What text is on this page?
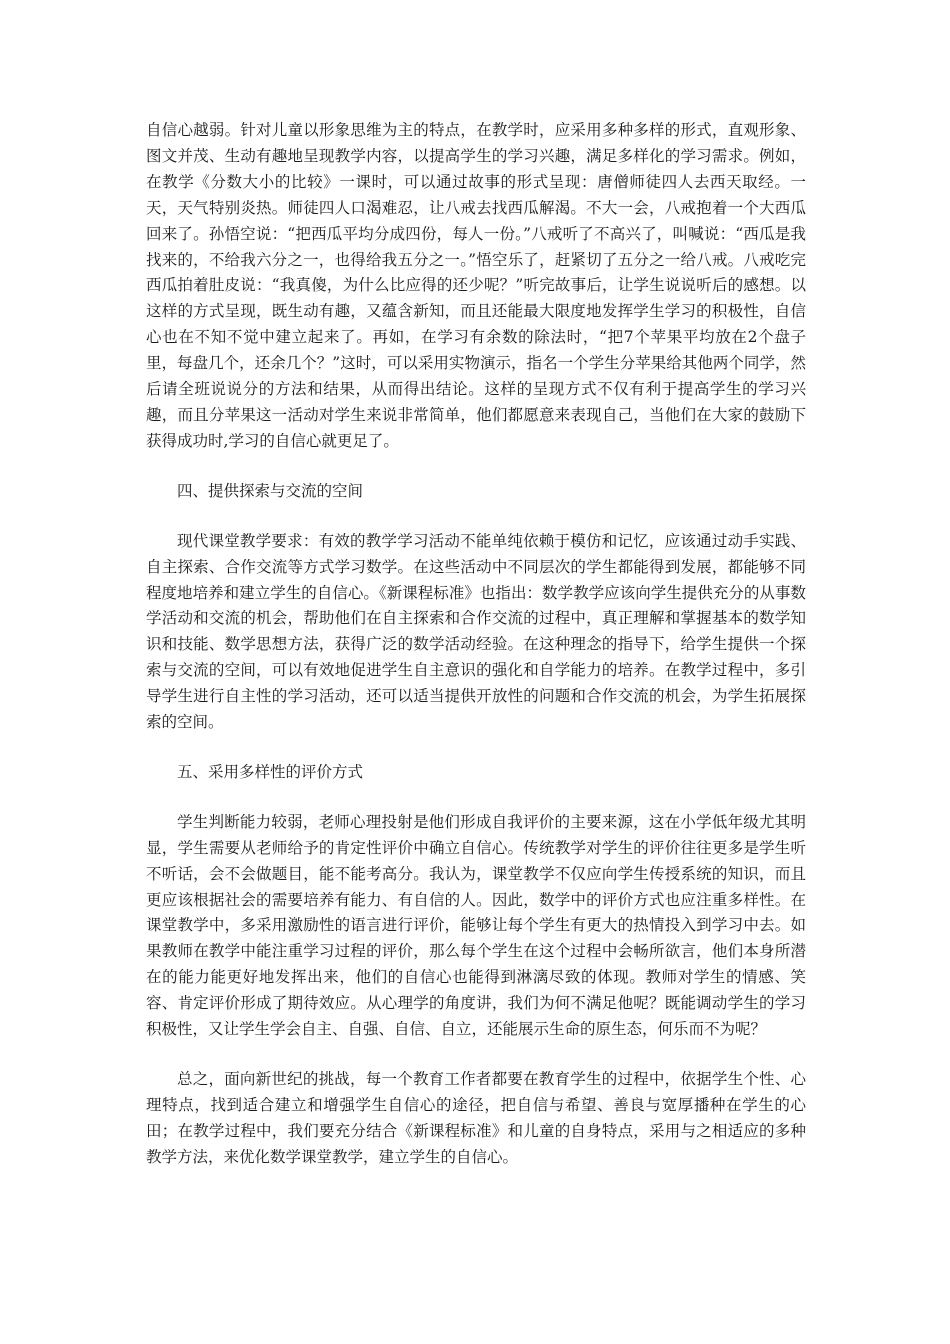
自信心越弱。针对儿童以形象思维为主的特点，在教学时，应采用多种多样的形式，直观形象、图文并茂、生动有趣地呈现教学内容，以提高学生的学习兴趣，满足多样化的学习需求。例如，在教学《分数大小的比较》一课时，可以通过故事的形式呈现：唐僧师徒四人去西天取经。一天，天气特别炎热。师徒四人口渴难忍，让八戒去找西瓜解渴。不大一会，八戒抱着一个大西瓜回来了。孙悟空说：“把西瓜平均分成四份，每人一份。”八戒听了不高兴了，叫喊说：“西瓜是我找来的，不给我六分之一，也得给我五分之一。”悟空乐了，赶紧切了五分之一给八戒。八戒吃完西瓜拍着肚皮说：“我真傻，为什么比应得的还少呢？”听完故事后，让学生说说听后的感想。以这样的方式呈现，既生动有趣，又蕴含新知，而且还能最大限度地发挥学生学习的积极性，自信心也在不知不觉中建立起来了。再如，在学习有余数的除法时，“把7个苹果平均放在2个盘子里，每盘几个，还余几个？”这时，可以采用实物演示，指名一个学生分苹果给其他两个同学，然后请全班说说分的方法和结果，从而得出结论。这样的呈现方式不仅有利于提高学生的学习兴趣，而且分苹果这一活动对学生来说非常简单，他们都愿意来表现自己，当他们在大家的鼓励下获得成功时,学习的自信心就更足了。

四、提供探索与交流的空间

现代课堂教学要求：有效的教学学习活动不能单纯依赖于模仿和记忆，应该通过动手实践、自主探索、合作交流等方式学习数学。在这些活动中不同层次的学生都能得到发展，都能够不同程度地培养和建立学生的自信心。《新课程标准》也指出：数学教学应该向学生提供充分的从事数学活动和交流的机会，帮助他们在自主探索和合作交流的过程中，真正理解和掌握基本的数学知识和技能、数学思想方法，获得广泛的数学活动经验。在这种理念的指导下，给学生提供一个探索与交流的空间，可以有效地促进学生自主意识的强化和自学能力的培养。在教学过程中，多引导学生进行自主性的学习活动，还可以适当提供开放性的问题和合作交流的机会，为学生拓展探索的空间。

五、采用多样性的评价方式

学生判断能力较弱，老师心理投射是他们形成自我评价的主要来源，这在小学低年级尤其明显，学生需要从老师给予的肯定性评价中确立自信心。传统教学对学生的评价往往更多是学生听不听话，会不会做题目，能不能考高分。我认为，课堂教学不仅应向学生传授系统的知识，而且更应该根据社会的需要培养有能力、有自信的人。因此，数学中的评价方式也应注重多样性。在课堂教学中，多采用激励性的语言进行评价，能够让每个学生有更大的热情投入到学习中去。如果教师在教学中能注重学习过程的评价，那么每个学生在这个过程中会畅所欲言，他们本身所潜在的能力能更好地发挥出来，他们的自信心也能得到淋漓尽致的体现。教师对学生的情感、笑容、肯定评价形成了期待效应。从心理学的角度讲，我们为何不满足他呢？既能调动学生的学习积极性，又让学生学会自主、自强、自信、自立，还能展示生命的原生态，何乐而不为呢？

总之，面向新世纪的挑战，每一个教育工作者都要在教育学生的过程中，依据学生个性、心理特点，找到适合建立和增强学生自信心的途径，把自信与希望、善良与宽厚播种在学生的心田；在教学过程中，我们要充分结合《新课程标准》和儿童的自身特点，采用与之相适应的多种教学方法，来优化数学课堂教学，建立学生的自信心。
